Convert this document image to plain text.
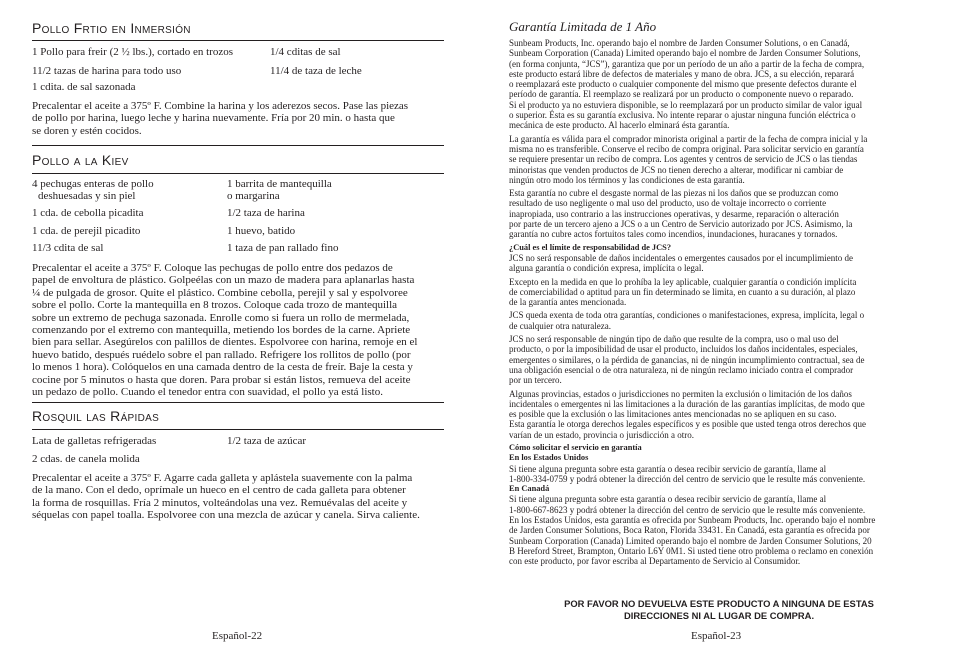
Pollo Frtio en Inmersión
1 Pollo para freir (2 ½ lbs.), cortado en trozos	1/4 cditas de sal
11/2 tazas de harina para todo uso	11/4 de taza de leche
1 cdita. de sal sazonada
Precalentar el aceite a 375º F. Combine la harina y los aderezos secos. Pase las piezas
de pollo por harina, luego leche y harina nuevamente. Fría por 20 min. o hasta que
se doren y estén cocidos.
Pollo a la Kiev
4 pechugas enteras de pollo	1 barrita de mantequilla
deshuesadas y sin piel	o margarina
1 cda. de cebolla picadita	1/2 taza de harina
1 cda. de perejil picadito	1 huevo, batido
11/3 cdita de sal	1 taza de pan rallado fino
Precalentar el aceite a 375º F. Coloque las pechugas de pollo entre dos pedazos de
papel de envoltura de plástico. Golpeélas con un mazo de madera para aplanarlas hasta
¼ de pulgada de grosor. Quite el plástico. Combine cebolla, perejil y sal y espolvoree
sobre el pollo. Corte la mantequilla en 8 trozos. Coloque cada trozo de mantequilla
sobre un extremo de pechuga sazonada. Enrolle como si fuera un rollo de mermelada,
comenzando por el extremo con mantequilla, metiendo los bordes de la carne. Apriete
bien para sellar. Asegúrelos con palillos de dientes. Espolvoree con harina, remoje en el
huevo batido, después ruédelo sobre el pan rallado. Refrigere los rollitos de pollo (por
lo menos 1 hora). Colóquelos en una camada dentro de la cesta de freír. Baje la cesta y
cocine por 5 minutos o hasta que doren. Para probar si están listos, remueva del aceite
un pedazo de pollo. Cuando el tenedor entra con suavidad, el pollo ya está listo.
Rosquil las Rápidas
Lata de galletas refrigeradas	1/2 taza de azúcar
2 cdas. de canela molida
Precalentar el aceite a 375º F. Agarre cada galleta y aplástela suavemente con la palma
de la mano. Con el dedo, oprímale un hueco en el centro de cada galleta para obtener
la forma de rosquillas. Fría 2 minutos, volteándolas una vez. Remuévalas del aceite y
séquelas con papel toalla. Espolvoree con una mezcla de azúcar y canela. Sirva caliente.
Español-22
Garantía Limitada de 1 Año
Sunbeam Products, Inc. operando bajo el nombre de Jarden Consumer Solutions, o en Canadá,
Sunbeam Corporation (Canada) Limited operando bajo el nombre de Jarden Consumer Solutions,
(en forma conjunta, “JCS”), garantiza que por un período de un año a partir de la fecha de compra,
este producto estará libre de defectos de materiales y mano de obra. JCS, a su elección, reparará
o reemplazará este producto o cualquier componente del mismo que presente defectos durante el
período de garantía. El reemplazo se realizará por un producto o componente nuevo o reparado.
Si el producto ya no estuviera disponible, se lo reemplazará por un producto similar de valor igual
o superior. Ésta es su garantía exclusiva. No intente reparar o ajustar ninguna función eléctrica o
mecánica de este producto. Al hacerlo elminará ésta garantía.
La garantía es válida para el comprador minorista original a partir de la fecha de compra inicial y la
misma no es transferible. Conserve el recibo de compra original. Para solicitar servicio en garantía
se requiere presentar un recibo de compra. Los agentes y centros de servicio de JCS o las tiendas
minoristas que venden productos de JCS no tienen derecho a alterar, modificar ni cambiar de
ningún otro modo los términos y las condiciones de esta garantía.
Esta garantía no cubre el desgaste normal de las piezas ni los daños que se produzcan como
resultado de uso negligente o mal uso del producto, uso de voltaje incorrecto o corriente
inapropiada, uso contrario a las instrucciones operativas, y desarme, reparación o alteración
por parte de un tercero ajeno a JCS o a un Centro de Servicio autorizado por JCS. Asimismo, la
garantía no cubre actos fortuitos tales como incendios, inundaciones, huracanes y tornados.
¿Cuál es el límite de responsabilidad de JCS?
JCS no será responsable de daños incidentales o emergentes causados por el incumplimiento de
alguna garantía o condición expresa, implícita o legal.
Excepto en la medida en que lo prohíba la ley aplicable, cualquier garantía o condición implícita
de comerciabilidad o aptitud para un fin determinado se limita, en cuanto a su duración, al plazo
de la garantía antes mencionada.
JCS queda exenta de toda otra garantías, condiciones o manifestaciones, expresa, implícita, legal o
de cualquier otra naturaleza.
JCS no será responsable de ningún tipo de daño que resulte de la compra, uso o mal uso del
producto, o por la imposibilidad de usar el producto, incluidos los daños incidentales, especiales,
emergentes o similares, o la pérdida de ganancias, ni de ningún incumplimiento contractual, sea de
una obligación esencial o de otra naturaleza, ni de ningún reclamo iniciado contra el comprador
por un tercero.
Algunas provincias, estados o jurisdicciones no permiten la exclusión o limitación de los daños
incidentales o emergentes ni las limitaciones a la duración de las garantías implícitas, de modo que
es posible que la exclusión o las limitaciones antes mencionadas no se apliquen en su caso.
Esta garantía le otorga derechos legales específicos y es posible que usted tenga otros derechos que
varían de un estado, provincia o jurisdicción a otro.
Cómo solicitar el servicio en garantía
En los Estados Unidos
Si tiene alguna pregunta sobre esta garantía o desea recibir servicio de garantía, llame al
1-800-334-0759 y podrá obtener la dirección del centro de servicio que le resulte más conveniente.
En Canadá
Si tiene alguna pregunta sobre esta garantía o desea recibir servicio de garantía, llame al
1-800-667-8623 y podrá obtener la dirección del centro de servicio que le resulte más conveniente.
En los Estados Unidos, esta garantía es ofrecida por Sunbeam Products, Inc. operando bajo el nombre
de Jarden Consumer Solutions, Boca Raton, Florida 33431. En Canadá, esta garantía es ofrecida por
Sunbeam Corporation (Canada) Limited operando bajo el nombre de Jarden Consumer Solutions, 20
B Hereford Street, Brampton, Ontario L6Y 0M1. Si usted tiene otro problema o reclamo en conexión
con este producto, por favor escriba al Departamento de Servicio al Consumidor.
POR FAVOR NO DEVUELVA ESTE PRODUCTO A NINGUNA DE ESTAS
DIRECCIONES NI AL LUGAR DE COMPRA.
Español-23
